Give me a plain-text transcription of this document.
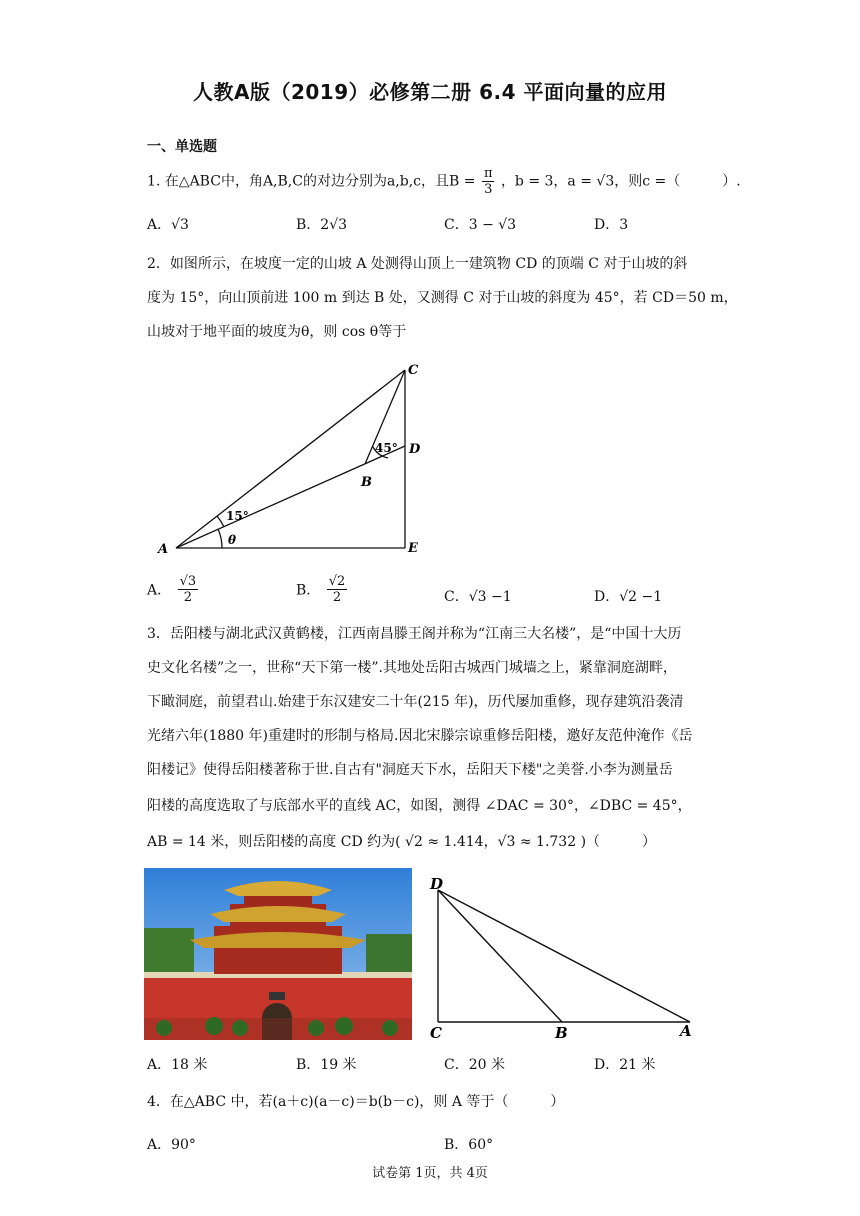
人教A版（2019）必修第二册 6.4 平面向量的应用
一、单选题
1. 在△ABC中，角A,B,C的对边分别为a,b,c，且$B = \frac{\pi}{3}$ ，b = 3，a = √3，则c =（　　　）.
A．√3	B．2√3	C．3 − √3	D．3
2．如图所示，在坡度一定的山坡 A 处测得山顶上一建筑物 CD 的顶端 C 对于山坡的斜
度为 15°，向山顶前进 100 m 到达 B 处，又测得 C 对于山坡的斜度为 45°，若 CD＝50 m，
山坡对于地平面的坡度为θ，则 cos θ等于
C
D
B
A	E
45°
15°
θ
A． $\frac{√3}{2}$	B． $\frac{√2}{2}$	C．√3 −1	D．√2 −1
3．岳阳楼与湖北武汉黄鹤楼，江西南昌滕王阁并称为“江南三大名楼”，是“中国十大历
史文化名楼”之一，世称“天下第一楼”.其地处岳阳古城西门城墙之上，紧靠洞庭湖畔，
下瞰洞庭，前望君山.始建于东汉建安二十年(215 年)，历代屡加重修，现存建筑沿袭清
光绪六年(1880 年)重建时的形制与格局.因北宋滕宗谅重修岳阳楼，邀好友范仲淹作《岳
阳楼记》使得岳阳楼著称于世.自古有"洞庭天下水，岳阳天下楼"之美誉.小李为测量岳
阳楼的高度选取了与底部水平的直线 AC，如图，测得 ∠DAC = 30°，∠DBC = 45°，
AB = 14 米，则岳阳楼的高度 CD 约为( √2 ≈ 1.414，√3 ≈ 1.732 )（　　　）
D
C	B	A
A．18 米	B．19 米	C．20 米	D．21 米
4．在△ABC 中，若(a＋c)(a－c)＝b(b－c)，则 A 等于（　　　）
A．90°	B．60°
试卷第 1页，共 4页
